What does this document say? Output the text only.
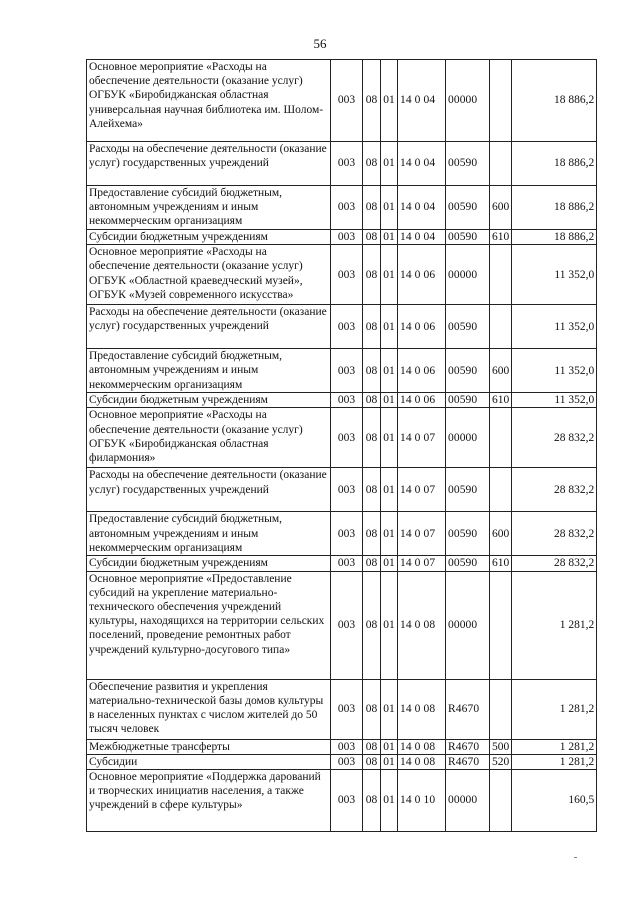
56
Основное мероприятие «Расходы на обеспечение деятельности (оказание услуг) ОГБУК «Биробиджанская областная универсальная научная библиотека им. Шолом-Алейхема»	003	08	01	14 0 04	00000		18 886,2
Расходы на обеспечение деятельности (оказание услуг) государственных учреждений	003	08	01	14 0 04	00590		18 886,2
Предоставление субсидий бюджетным, автономным учреждениям и иным некоммерческим организациям	003	08	01	14 0 04	00590	600	18 886,2
Субсидии бюджетным учреждениям	003	08	01	14 0 04	00590	610	18 886,2
Основное мероприятие «Расходы на обеспечение деятельности (оказание услуг) ОГБУК «Областной краеведческий музей», ОГБУК «Музей современного искусства»	003	08	01	14 0 06	00000		11 352,0
Расходы на обеспечение деятельности (оказание услуг) государственных учреждений	003	08	01	14 0 06	00590		11 352,0
Предоставление субсидий бюджетным, автономным учреждениям и иным некоммерческим организациям	003	08	01	14 0 06	00590	600	11 352,0
Субсидии бюджетным учреждениям	003	08	01	14 0 06	00590	610	11 352,0
Основное мероприятие «Расходы на обеспечение деятельности (оказание услуг) ОГБУК «Биробиджанская областная филармония»	003	08	01	14 0 07	00000		28 832,2
Расходы на обеспечение деятельности (оказание услуг) государственных учреждений	003	08	01	14 0 07	00590		28 832,2
Предоставление субсидий бюджетным, автономным учреждениям и иным некоммерческим организациям	003	08	01	14 0 07	00590	600	28 832,2
Субсидии бюджетным учреждениям	003	08	01	14 0 07	00590	610	28 832,2
Основное мероприятие «Предоставление субсидий на укрепление материально-технического обеспечения учреждений культуры, находящихся на территории сельских поселений, проведение ремонтных работ учреждений культурно-досугового типа»	003	08	01	14 0 08	00000		1 281,2
Обеспечение развития и укрепления материально-технической базы домов культуры в населенных пунктах с числом жителей до 50 тысяч человек	003	08	01	14 0 08	R4670		1 281,2
Межбюджетные трансферты	003	08	01	14 0 08	R4670	500	1 281,2
Субсидии	003	08	01	14 0 08	R4670	520	1 281,2
Основное мероприятие «Поддержка дарований и творческих инициатив населения, а также учреждений в сфере культуры»	003	08	01	14 0 10	00000		160,5
